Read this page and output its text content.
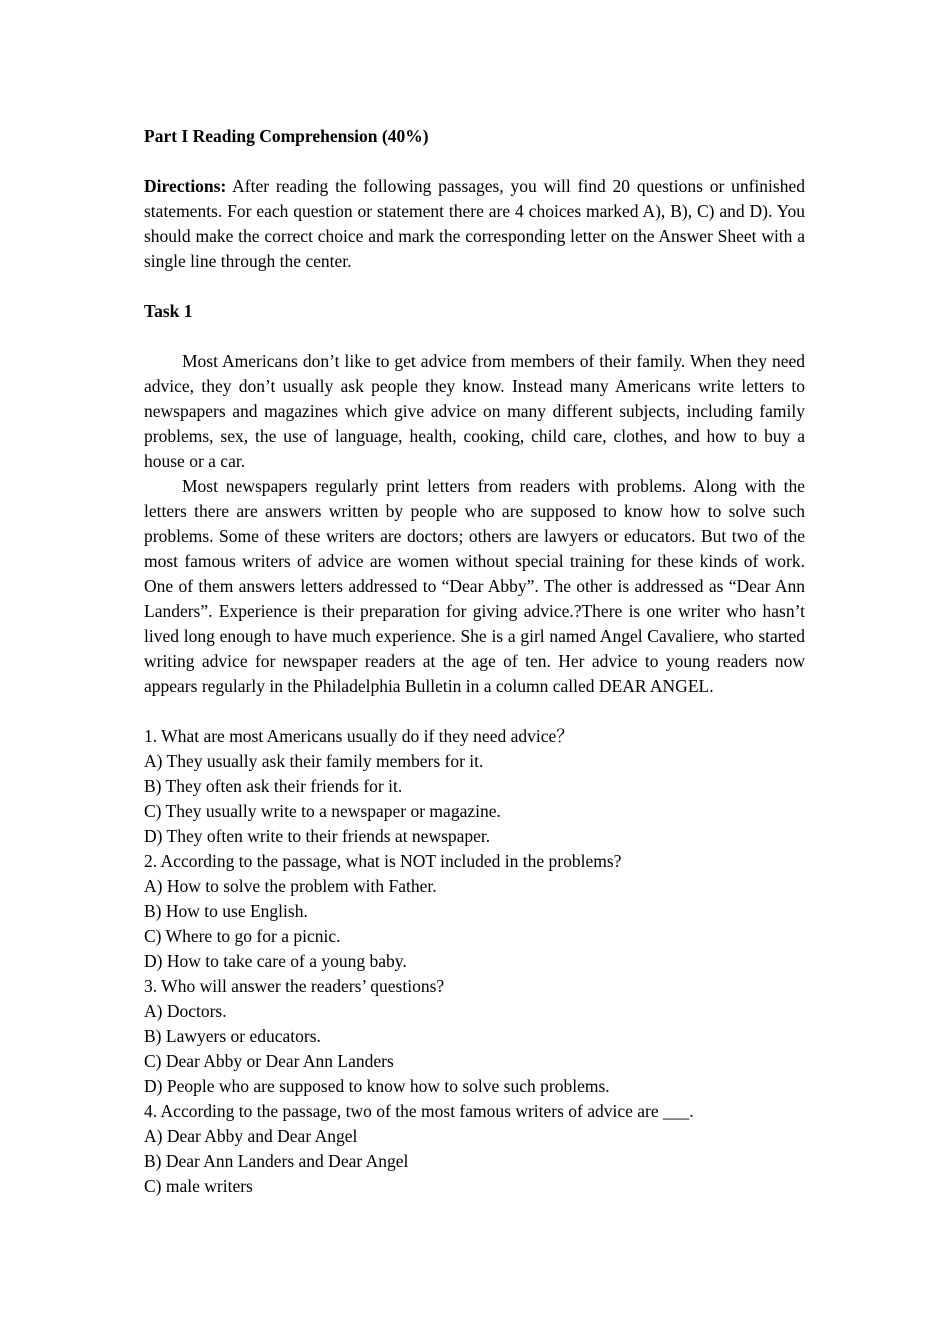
Part I Reading Comprehension (40%)

Directions: After reading the following passages, you will find 20 questions or unfinished statements. For each question or statement there are 4 choices marked A), B), C) and D). You should make the correct choice and mark the corresponding letter on the Answer Sheet with a single line through the center.

Task 1

Most Americans don’t like to get advice from members of their family. When they need advice, they don’t usually ask people they know. Instead many Americans write letters to newspapers and magazines which give advice on many different subjects, including family problems, sex, the use of language, health, cooking, child care, clothes, and how to buy a house or a car.

Most newspapers regularly print letters from readers with problems. Along with the letters there are answers written by people who are supposed to know how to solve such problems. Some of these writers are doctors; others are lawyers or educators. But two of the most famous writers of advice are women without special training for these kinds of work. One of them answers letters addressed to “Dear Abby”. The other is addressed as “Dear Ann Landers”. Experience is their preparation for giving advice.?There is one writer who hasn’t lived long enough to have much experience. She is a girl named Angel Cavaliere, who started writing advice for newspaper readers at the age of ten. Her advice to young readers now appears regularly in the Philadelphia Bulletin in a column called DEAR ANGEL.

1. What are most Americans usually do if they need advice？

A) They usually ask their family members for it.

B) They often ask their friends for it.

C) They usually write to a newspaper or magazine.

D) They often write to their friends at newspaper.

2. According to the passage, what is NOT included in the problems?

A) How to solve the problem with Father.

B) How to use English.

C) Where to go for a picnic.

D) How to take care of a young baby.

3. Who will answer the readers’ questions?

A) Doctors.

B) Lawyers or educators.

C) Dear Abby or Dear Ann Landers

D) People who are supposed to know how to solve such problems.

4. According to the passage, two of the most famous writers of advice are ___.

A) Dear Abby and Dear Angel

B) Dear Ann Landers and Dear Angel

C) male writers
